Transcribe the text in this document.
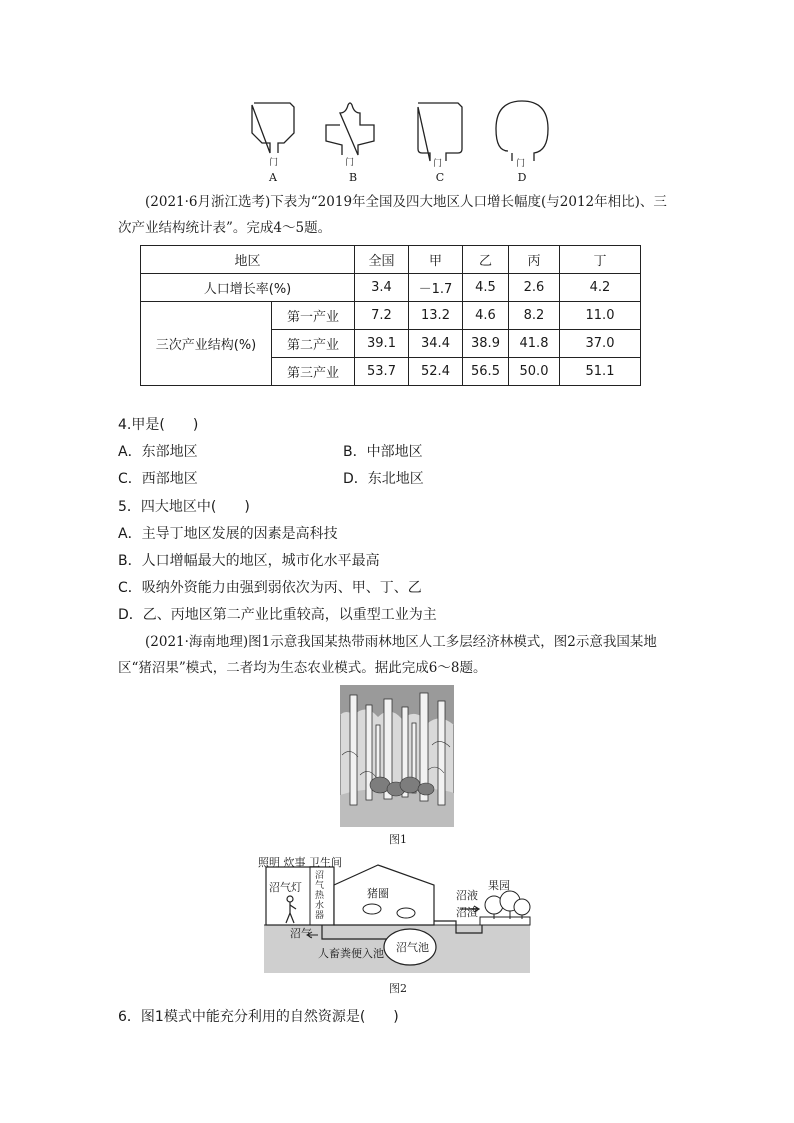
门	门	门	门
A	B	C	D
(2021·6月浙江选考)下表为“2019年全国及四大地区人口增长幅度(与2012年相比)、三
次产业结构统计表”。完成4～5题。
地区		全国	甲	乙	丙	丁
人口增长率(%)		3.4	－1.7	4.5	2.6	4.2
三次产业结构(%)	第一产业	7.2	13.2	4.6	8.2	11.0
	第二产业	39.1	34.4	38.9	41.8	37.0
	第三产业	53.7	52.4	56.5	50.0	51.1
4.甲是(　　)
A．东部地区	B．中部地区
C．西部地区	D．东北地区
5．四大地区中(　　)
A．主导丁地区发展的因素是高科技
B．人口增幅最大的地区，城市化水平最高
C．吸纳外资能力由强到弱依次为丙、甲、丁、乙
D．乙、丙地区第二产业比重较高，以重型工业为主
(2021·海南地理)图1示意我国某热带雨林地区人工多层经济林模式，图2示意我国某地
区“猪沼果”模式，二者均为生态农业模式。据此完成6～8题。
图1
照明 炊事 卫生间
沼气灯
沼气热水器
猪圈
果园
沼液
沼渣
沼气
沼气池
人畜粪便入池
图2
6．图1模式中能充分利用的自然资源是(　　)
